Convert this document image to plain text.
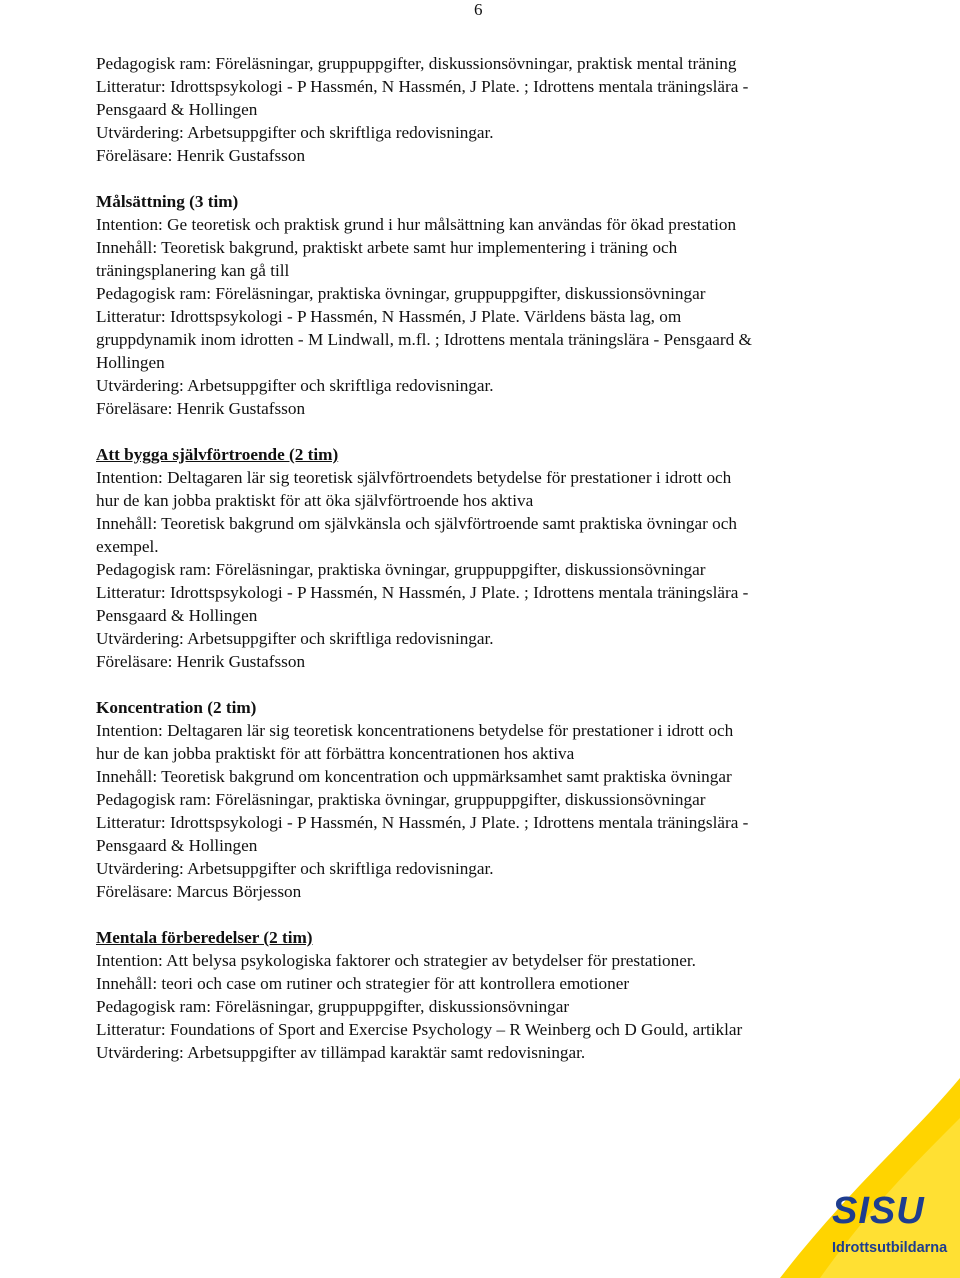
6
Pedagogisk ram: Föreläsningar, gruppuppgifter, diskussionsövningar, praktisk mental träning
Litteratur: Idrottspsykologi - P Hassmén, N Hassmén, J Plate. ; Idrottens mentala träningslära -
Pensgaard & Hollingen
Utvärdering: Arbetsuppgifter och skriftliga redovisningar.
Föreläsare: Henrik Gustafsson
Målsättning (3 tim)
Intention: Ge teoretisk och praktisk grund i hur målsättning kan användas för ökad prestation
Innehåll: Teoretisk bakgrund, praktiskt arbete samt hur implementering i träning och
träningsplanering kan gå till
Pedagogisk ram: Föreläsningar, praktiska övningar, gruppuppgifter, diskussionsövningar
Litteratur: Idrottspsykologi - P Hassmén, N Hassmén, J Plate. Världens bästa lag, om
gruppdynamik inom idrotten - M Lindwall, m.fl. ; Idrottens mentala träningslära - Pensgaard &
Hollingen
Utvärdering: Arbetsuppgifter och skriftliga redovisningar.
Föreläsare: Henrik Gustafsson
Att bygga självförtroende (2 tim)
Intention: Deltagaren lär sig teoretisk självförtroendets betydelse för prestationer i idrott och
hur de kan jobba praktiskt för att öka självförtroende hos aktiva
Innehåll: Teoretisk bakgrund om självkänsla och självförtroende samt praktiska övningar och
exempel.
Pedagogisk ram: Föreläsningar, praktiska övningar, gruppuppgifter, diskussionsövningar
Litteratur: Idrottspsykologi - P Hassmén, N Hassmén, J Plate. ; Idrottens mentala träningslära -
Pensgaard & Hollingen
Utvärdering: Arbetsuppgifter och skriftliga redovisningar.
Föreläsare: Henrik Gustafsson
Koncentration (2 tim)
Intention: Deltagaren lär sig teoretisk koncentrationens betydelse för prestationer i idrott och
hur de kan jobba praktiskt för att förbättra koncentrationen hos aktiva
Innehåll: Teoretisk bakgrund om koncentration och uppmärksamhet samt praktiska övningar
Pedagogisk ram: Föreläsningar, praktiska övningar, gruppuppgifter, diskussionsövningar
Litteratur: Idrottspsykologi - P Hassmén, N Hassmén, J Plate. ; Idrottens mentala träningslära -
Pensgaard & Hollingen
Utvärdering: Arbetsuppgifter och skriftliga redovisningar.
Föreläsare: Marcus Börjesson
Mentala förberedelser (2 tim)
Intention: Att belysa psykologiska faktorer och strategier av betydelser för prestationer.
Innehåll: teori och case om rutiner och strategier för att kontrollera emotioner
Pedagogisk ram: Föreläsningar, gruppuppgifter, diskussionsövningar
Litteratur: Foundations of Sport and Exercise Psychology – R Weinberg och D Gould, artiklar
Utvärdering: Arbetsuppgifter av tillämpad karaktär samt redovisningar.
SISU
Idrottsutbildarna
